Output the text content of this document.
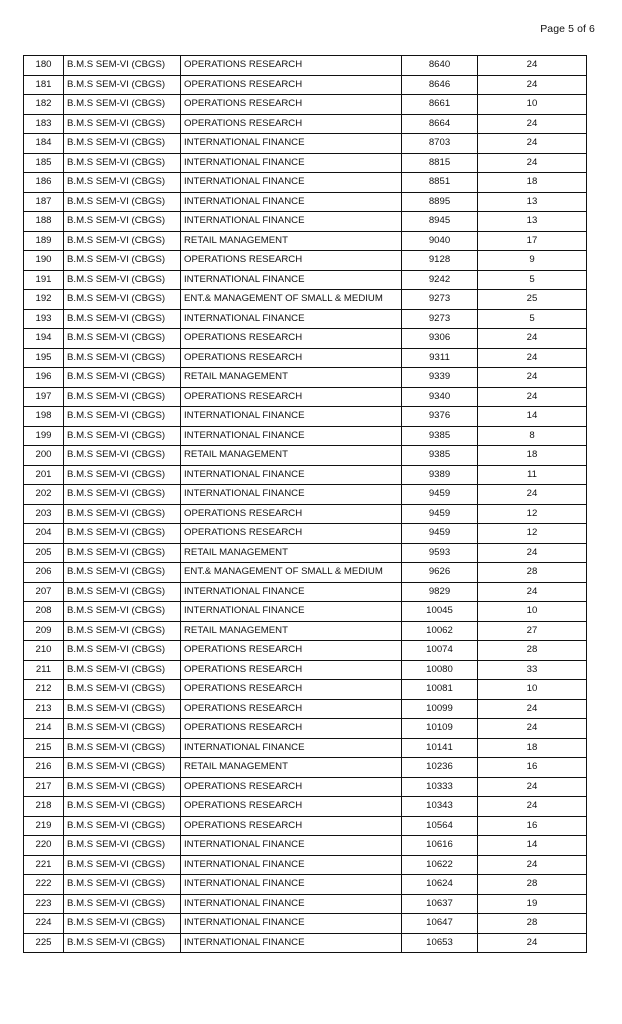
Page 5 of 6
180	B.M.S SEM-VI (CBGS)	OPERATIONS RESEARCH	8640	24
181	B.M.S SEM-VI (CBGS)	OPERATIONS RESEARCH	8646	24
182	B.M.S SEM-VI (CBGS)	OPERATIONS RESEARCH	8661	10
183	B.M.S SEM-VI (CBGS)	OPERATIONS RESEARCH	8664	24
184	B.M.S SEM-VI (CBGS)	INTERNATIONAL FINANCE	8703	24
185	B.M.S SEM-VI (CBGS)	INTERNATIONAL FINANCE	8815	24
186	B.M.S SEM-VI (CBGS)	INTERNATIONAL FINANCE	8851	18
187	B.M.S SEM-VI (CBGS)	INTERNATIONAL FINANCE	8895	13
188	B.M.S SEM-VI (CBGS)	INTERNATIONAL FINANCE	8945	13
189	B.M.S SEM-VI (CBGS)	RETAIL MANAGEMENT	9040	17
190	B.M.S SEM-VI (CBGS)	OPERATIONS RESEARCH	9128	9
191	B.M.S SEM-VI (CBGS)	INTERNATIONAL FINANCE	9242	5
192	B.M.S SEM-VI (CBGS)	ENT.& MANAGEMENT OF SMALL & MEDIUM	9273	25
193	B.M.S SEM-VI (CBGS)	INTERNATIONAL FINANCE	9273	5
194	B.M.S SEM-VI (CBGS)	OPERATIONS RESEARCH	9306	24
195	B.M.S SEM-VI (CBGS)	OPERATIONS RESEARCH	9311	24
196	B.M.S SEM-VI (CBGS)	RETAIL MANAGEMENT	9339	24
197	B.M.S SEM-VI (CBGS)	OPERATIONS RESEARCH	9340	24
198	B.M.S SEM-VI (CBGS)	INTERNATIONAL FINANCE	9376	14
199	B.M.S SEM-VI (CBGS)	INTERNATIONAL FINANCE	9385	8
200	B.M.S SEM-VI (CBGS)	RETAIL MANAGEMENT	9385	18
201	B.M.S SEM-VI (CBGS)	INTERNATIONAL FINANCE	9389	11
202	B.M.S SEM-VI (CBGS)	INTERNATIONAL FINANCE	9459	24
203	B.M.S SEM-VI (CBGS)	OPERATIONS RESEARCH	9459	12
204	B.M.S SEM-VI (CBGS)	OPERATIONS RESEARCH	9459	12
205	B.M.S SEM-VI (CBGS)	RETAIL MANAGEMENT	9593	24
206	B.M.S SEM-VI (CBGS)	ENT.& MANAGEMENT OF SMALL & MEDIUM	9626	28
207	B.M.S SEM-VI (CBGS)	INTERNATIONAL FINANCE	9829	24
208	B.M.S SEM-VI (CBGS)	INTERNATIONAL FINANCE	10045	10
209	B.M.S SEM-VI (CBGS)	RETAIL MANAGEMENT	10062	27
210	B.M.S SEM-VI (CBGS)	OPERATIONS RESEARCH	10074	28
211	B.M.S SEM-VI (CBGS)	OPERATIONS RESEARCH	10080	33
212	B.M.S SEM-VI (CBGS)	OPERATIONS RESEARCH	10081	10
213	B.M.S SEM-VI (CBGS)	OPERATIONS RESEARCH	10099	24
214	B.M.S SEM-VI (CBGS)	OPERATIONS RESEARCH	10109	24
215	B.M.S SEM-VI (CBGS)	INTERNATIONAL FINANCE	10141	18
216	B.M.S SEM-VI (CBGS)	RETAIL MANAGEMENT	10236	16
217	B.M.S SEM-VI (CBGS)	OPERATIONS RESEARCH	10333	24
218	B.M.S SEM-VI (CBGS)	OPERATIONS RESEARCH	10343	24
219	B.M.S SEM-VI (CBGS)	OPERATIONS RESEARCH	10564	16
220	B.M.S SEM-VI (CBGS)	INTERNATIONAL FINANCE	10616	14
221	B.M.S SEM-VI (CBGS)	INTERNATIONAL FINANCE	10622	24
222	B.M.S SEM-VI (CBGS)	INTERNATIONAL FINANCE	10624	28
223	B.M.S SEM-VI (CBGS)	INTERNATIONAL FINANCE	10637	19
224	B.M.S SEM-VI (CBGS)	INTERNATIONAL FINANCE	10647	28
225	B.M.S SEM-VI (CBGS)	INTERNATIONAL FINANCE	10653	24
